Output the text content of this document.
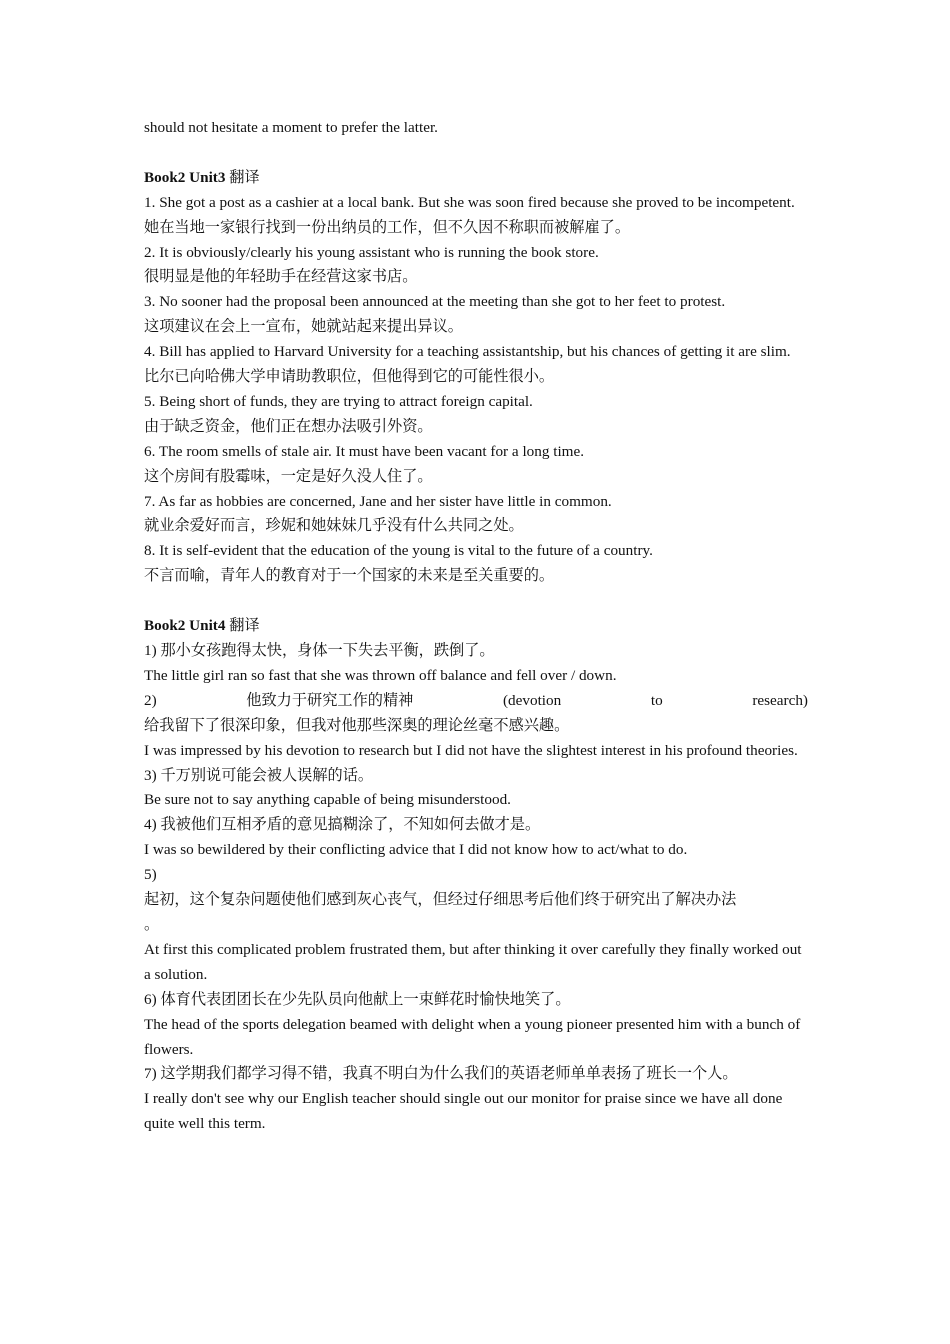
should not hesitate a moment to prefer the latter.
Book2 Unit3 翻译
1. She got a post as a cashier at a local bank. But she was soon fired because she proved to be incompetent.
她在当地一家银行找到一份出纳员的工作，但不久因不称职而被解雇了。
2. It is obviously/clearly his young assistant who is running the book store.
很明显是他的年轻助手在经营这家书店。
3. No sooner had the proposal been announced at the meeting than she got to her feet to protest.
这项建议在会上一宣布，她就站起来提出异议。
4. Bill has applied to Harvard University for a teaching assistantship, but his chances of getting it are slim.
比尔已向哈佛大学申请助教职位，但他得到它的可能性很小。
5. Being short of funds, they are trying to attract foreign capital.
由于缺乏资金，他们正在想办法吸引外资。
6. The room smells of stale air. It must have been vacant for a long time.
这个房间有股霉味，一定是好久没人住了。
7. As far as hobbies are concerned, Jane and her sister have little in common.
就业余爱好而言，珍妮和她妹妹几乎没有什么共同之处。
8. It is self-evident that the education of the young is vital to the future of a country.
不言而喻，青年人的教育对于一个国家的未来是至关重要的。
Book2 Unit4 翻译
1) 那小女孩跑得太快，身体一下失去平衡，跌倒了。
The little girl ran so fast that she was thrown off balance and fell over / down.
2)	他致力于研究工作的精神	(devotion	to	research)
给我留下了很深印象，但我对他那些深奥的理论丝毫不感兴趣。
I was impressed by his devotion to research but I did not have the slightest interest in his profound theories.
3) 千万别说可能会被人误解的话。
Be sure not to say anything capable of being misunderstood.
4) 我被他们互相矛盾的意见搞糊涂了，不知如何去做才是。
I was so bewildered by their conflicting advice that I did not know how to act/what to do.
5)
起初，这个复杂问题使他们感到灰心丧气，但经过仔细思考后他们终于研究出了解决办法
。
At first this complicated problem frustrated them, but after thinking it over carefully they finally worked out a solution.
6) 体育代表团团长在少先队员向他献上一束鲜花时愉快地笑了。
The head of the sports delegation beamed with delight when a young pioneer presented him with a bunch of flowers.
7) 这学期我们都学习得不错，我真不明白为什么我们的英语老师单单表扬了班长一个人。
I really don't see why our English teacher should single out our monitor for praise since we have all done quite well this term.
